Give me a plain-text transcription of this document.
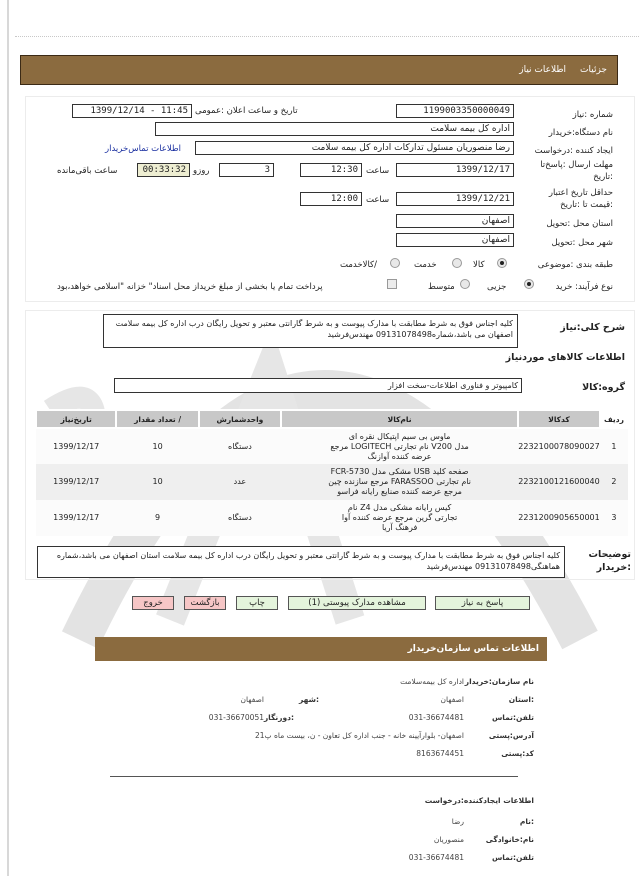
جزئیات
اطلاعات نیاز
شماره :نیاز
1199003350000049
تاریخ و ساعت اعلان :عمومی
1399/12/14 - 11:45
نام دستگاه:خریدار
اداره کل بیمه سلامت
ایجاد کننده :درخواست
رضا منصوریان مسئول تدارکات اداره کل بیمه سلامت
اطلاعات تماس‌خریدار
مهلت ارسال :پاسخ‌تا
:تاریخ
1399/12/17
ساعت
12:30
3
روزو
00:33:32
ساعت باقی‌مانده
حداقل تاریخ اعتبار
:قیمت تا :تاریخ
1399/12/21
ساعت
12:00
استان محل :تحویل
اصفهان
شهر محل :تحویل
اصفهان
طبقه بندی :موضوعی
کالا
خدمت
/کالاخدمت
نوع فرآیند: خرید
جزیی
متوسط
پرداخت تمام یا بخشی از مبلغ خریداز محل اسناد" خزانه "اسلامی خواهد،بود
شرح کلی:نیاز
کلیه اجناس فوق به شرط مطابقت با مدارک پیوست و به شرط گارانتی معتبر و تحویل رایگان درب اداره کل بیمه سلامت اصفهان می باشد،شماره09131078498 مهندس‌فرشید
اطلاعات کالاهای موردنیاز
گروه:کالا
کامپیوتر و فناوری اطلاعات-سخت افزار
ردیف	کدکالا	نام‌کالا	واحدشمارش	/ تعداد مقدار	تاریخ‌نیاز
1	2232100078090027	ماوس بی سیم اپتیکال نقره ای
مدل V200 نام تجارتی LOGITECH مرجع
عرضه کننده آوازنگ	دستگاه	10	1399/12/17
2	2232100121600040	صفحه کلید USB مشکی مدل FCR-5730
نام تجارتی FARASSOO مرجع سازنده چین
مرجع عرضه کننده صنایع رایانه فراسو	عدد	10	1399/12/17
3	2231200905650001	کیس رایانه مشکی مدل Z4 نام
تجارتی گرین مرجع عرضه کننده آوا
فرهنگ آریا	دستگاه	9	1399/12/17
توضیحات
:خریدار
کلیه اجناس فوق به شرط مطابقت با مدارک پیوست و به شرط گارانتی معتبر و تحویل رایگان درب اداره کل بیمه سلامت استان اصفهان می باشد،شماره هماهنگی09131078498 مهندس‌فرشید
پاسخ به نیاز
مشاهده مدارک پیوستی (1)
چاپ
بازگشت
خروج
اطلاعات تماس سازمان‌خریدار
نام سازمان:خریدار
اداره کل بیمه‌سلامت
:استان
اصفهان
:شهر
اصفهان
تلفن:تماس
031-36674481
:دورنگار
031-36670051
آدرس:پستی
اصفهان- بلوارآیینه خانه - جنب اداره کل تعاون - ن، بیست ماه پ21
کد:پستی
8163674451
اطلاعات ایجادکننده:درخواست
:نام
رضا
نام:خانوادگی
منصوریان
تلفن:تماس
031-36674481
